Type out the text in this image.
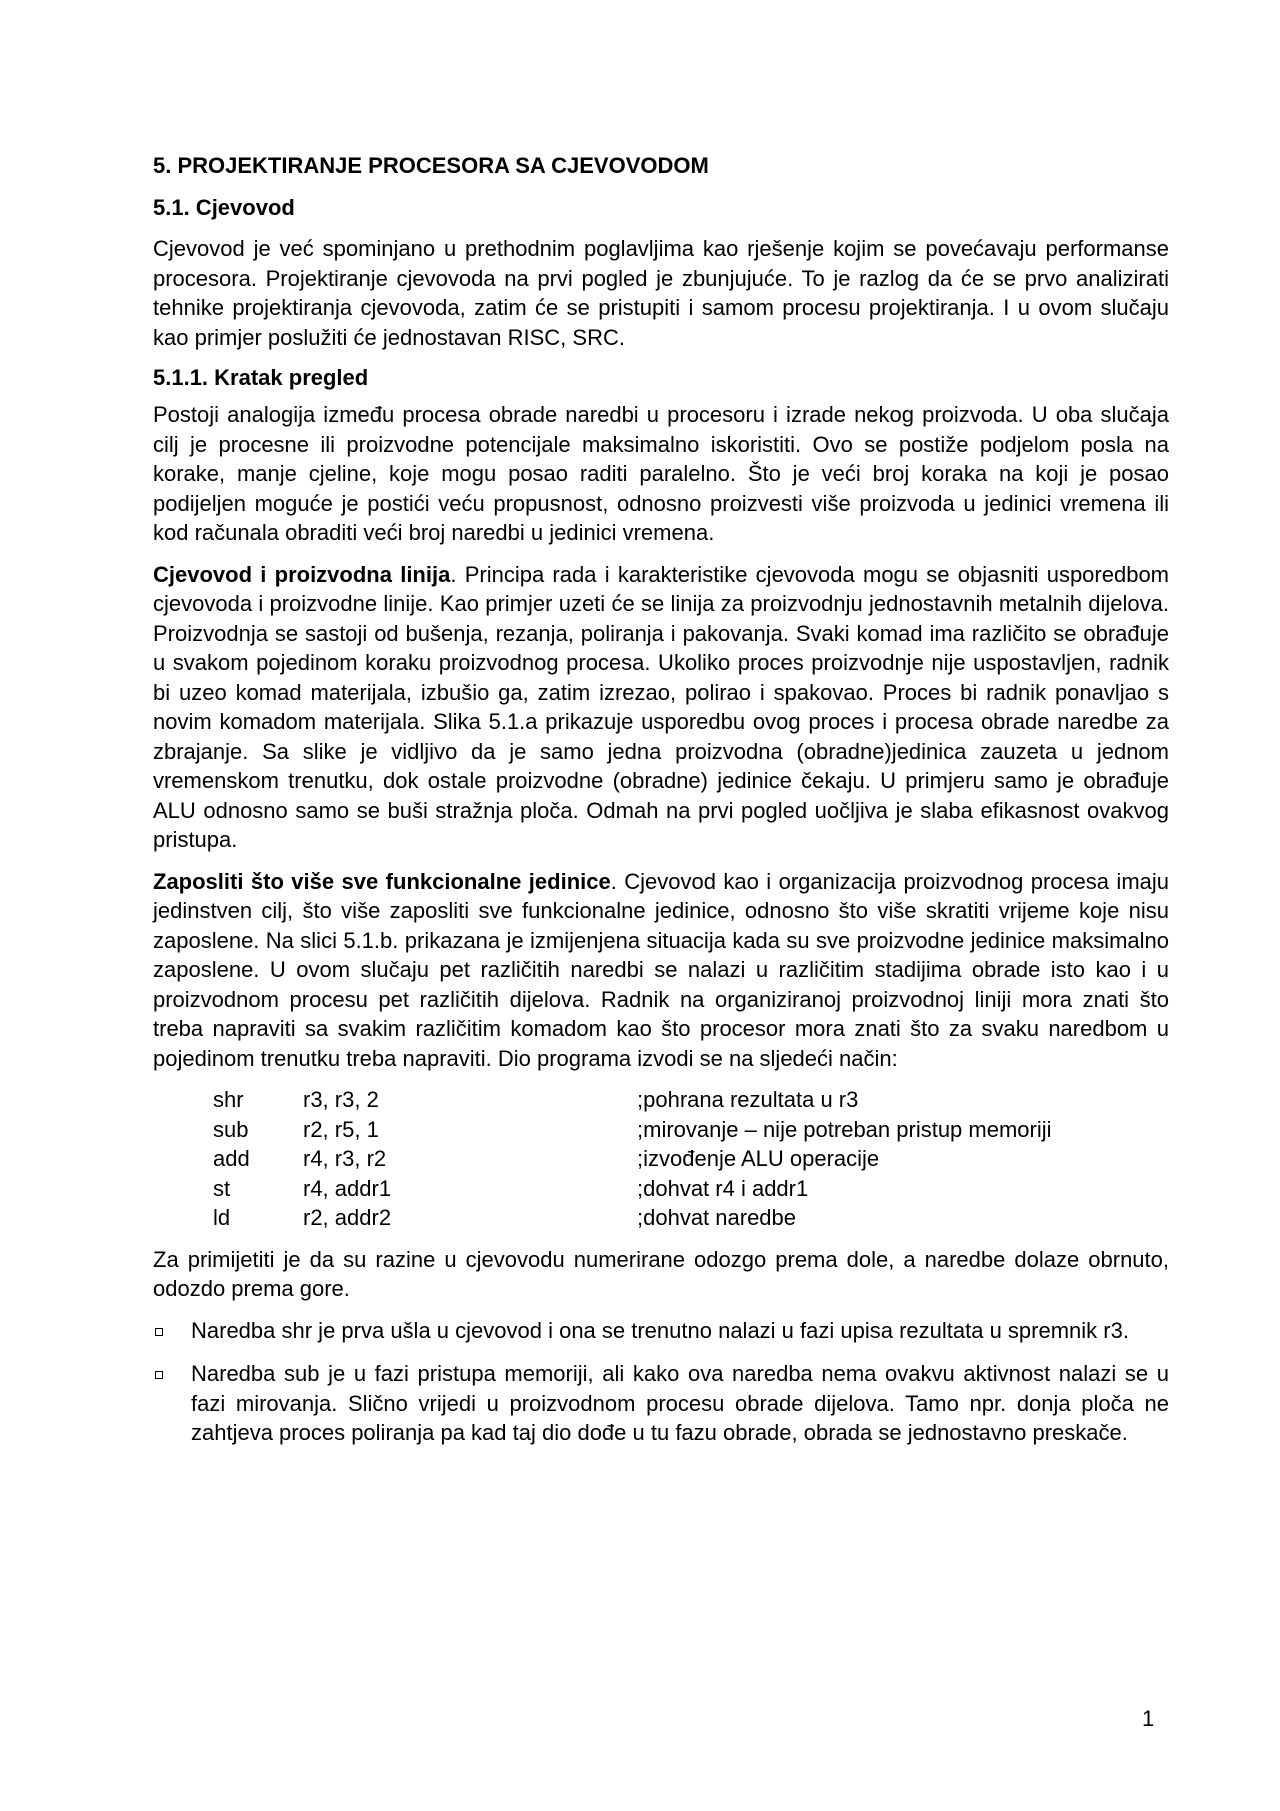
5. PROJEKTIRANJE PROCESORA SA CJEVOVODOM
5.1. Cjevovod

Cjevovod je već spominjano u prethodnim poglavljima kao rješenje kojim se povećavaju performanse procesora. Projektiranje cjevovoda na prvi pogled je zbunjujuće. To je razlog da će se prvo analizirati tehnike projektiranja cjevovoda, zatim će se pristupiti i samom procesu projektiranja. I u ovom slučaju kao primjer poslužiti će jednostavan RISC, SRC.

5.1.1. Kratak pregled

Postoji analogija između procesa obrade naredbi u procesoru i izrade nekog proizvoda. U oba slučaja cilj je procesne ili proizvodne potencijale maksimalno iskoristiti. Ovo se postiže podjelom posla na korake, manje cjeline, koje mogu posao raditi paralelno. Što je veći broj koraka na koji je posao podijeljen moguće je postići veću propusnost, odnosno proizvesti više proizvoda u jedinici vremena ili kod računala obraditi veći broj naredbi u jedinici vremena.

Cjevovod i proizvodna linija. Principa rada i karakteristike cjevovoda mogu se objasniti usporedbom cjevovoda i proizvodne linije. Kao primjer uzeti će se linija za proizvodnju jednostavnih metalnih dijelova. Proizvodnja se sastoji od bušenja, rezanja, poliranja i pakovanja. Svaki komad ima različito se obrađuje u svakom pojedinom koraku proizvodnog procesa. Ukoliko proces proizvodnje nije uspostavljen, radnik bi uzeo komad materijala, izbušio ga, zatim izrezao, polirao i spakovao. Proces bi radnik ponavljao s novim komadom materijala. Slika 5.1.a prikazuje usporedbu ovog proces i procesa obrade naredbe za zbrajanje. Sa slike je vidljivo da je samo jedna proizvodna (obradne)jedinica zauzeta u jednom vremenskom trenutku, dok ostale proizvodne (obradne) jedinice čekaju. U primjeru samo je obrađuje ALU odnosno samo se buši stražnja ploča. Odmah na prvi pogled uočljiva je slaba efikasnost ovakvog pristupa.

Zaposliti što više sve funkcionalne jedinice. Cjevovod kao i organizacija proizvodnog procesa imaju jedinstven cilj, što više zaposliti sve funkcionalne jedinice, odnosno što više skratiti vrijeme koje nisu zaposlene. Na slici 5.1.b. prikazana je izmijenjena situacija kada su sve proizvodne jedinice maksimalno zaposlene. U ovom slučaju pet različitih naredbi se nalazi u različitim stadijima obrade isto kao i u proizvodnom procesu pet različitih dijelova. Radnik na organiziranoj proizvodnoj liniji mora znati što treba napraviti sa svakim različitim komadom kao što procesor mora znati što za svaku naredbom u pojedinom trenutku treba napraviti. Dio programa izvodi se na sljedeći način:

shr	r3, r3, 2	;pohrana rezultata u r3
sub	r2, r5, 1	;mirovanje – nije potreban pristup memoriji
add	r4, r3, r2	;izvođenje ALU operacije
st	r4, addr1	;dohvat r4 i addr1
ld	r2, addr2	;dohvat naredbe

Za primijetiti je da su razine u cjevovodu numerirane odozgo prema dole, a naredbe dolaze obrnuto, odozdo prema gore.

Naredba shr je prva ušla u cjevovod i ona se trenutno nalazi u fazi upisa rezultata u spremnik r3.
Naredba sub je u fazi pristupa memoriji, ali kako ova naredba nema ovakvu aktivnost nalazi se u fazi mirovanja. Slično vrijedi u proizvodnom procesu obrade dijelova. Tamo npr. donja ploča ne zahtjeva proces poliranja pa kad taj dio dođe u tu fazu obrade, obrada se jednostavno preskače.
1
